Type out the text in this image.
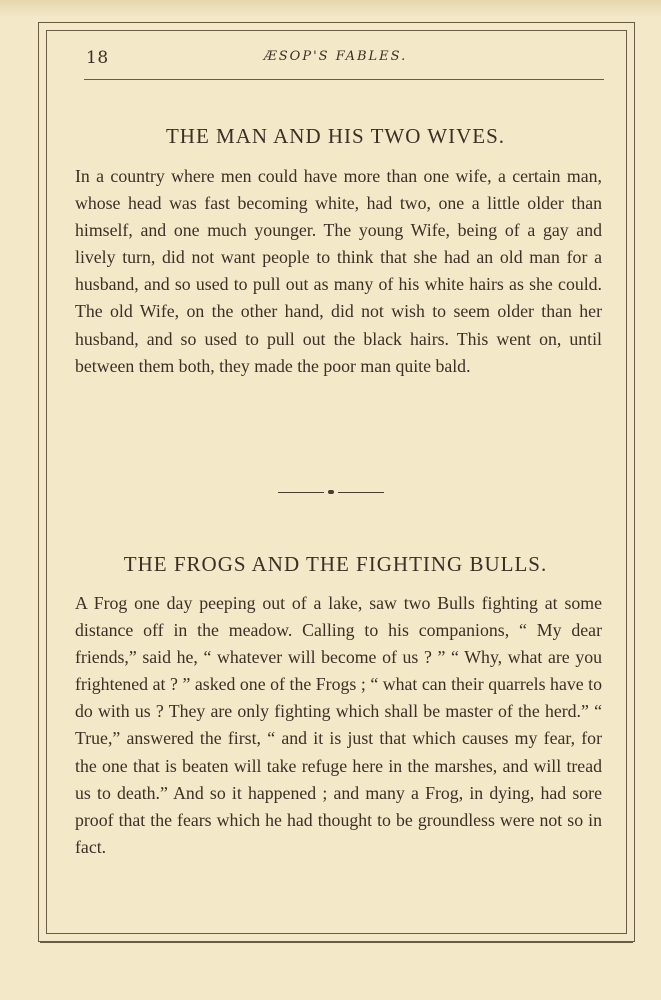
18	ÆSOP'S FABLES.
THE MAN AND HIS TWO WIVES.

In a country where men could have more than one wife, a certain man, whose head was fast becoming white, had two, one a little older than himself, and one much younger. The young Wife, being of a gay and lively turn, did not want people to think that she had an old man for a husband, and so used to pull out as many of his white hairs as she could. The old Wife, on the other hand, did not wish to seem older than her husband, and so used to pull out the black hairs. This went on, until between them both, they made the poor man quite bald.

THE FROGS AND THE FIGHTING BULLS.

A Frog one day peeping out of a lake, saw two Bulls fighting at some distance off in the meadow. Calling to his companions, “ My dear friends,” said he, “ whatever will become of us ? ” “ Why, what are you frightened at ? ” asked one of the Frogs ; “ what can their quarrels have to do with us ? They are only fighting which shall be master of the herd.” “ True,” answered the first, “ and it is just that which causes my fear, for the one that is beaten will take refuge here in the marshes, and will tread us to death.” And so it happened ; and many a Frog, in dying, had sore proof that the fears which he had thought to be groundless were not so in fact.
